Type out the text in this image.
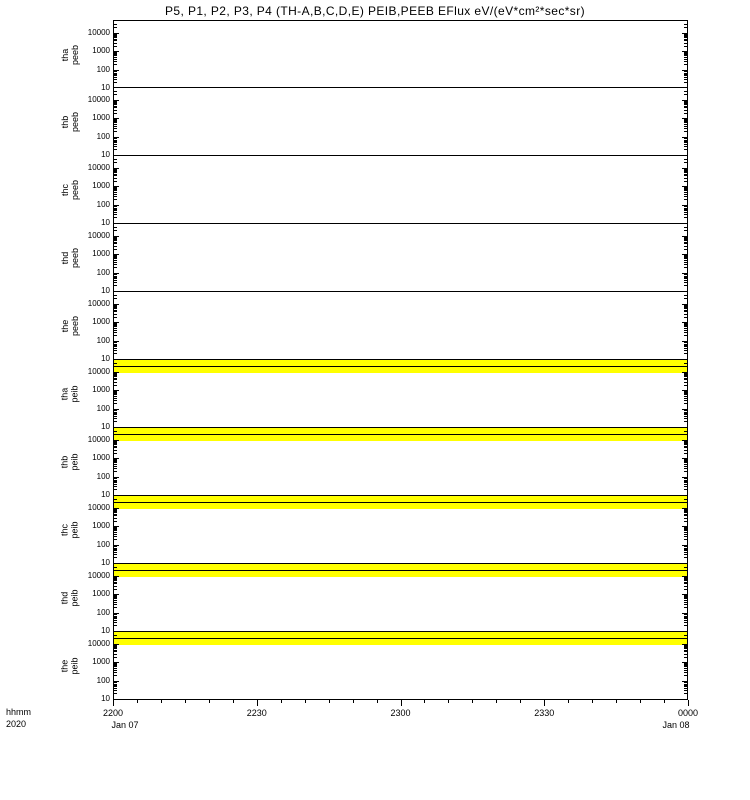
P5, P1, P2, P3, P4 (TH-A,B,C,D,E) PEIB,PEEB EFlux eV/(eV*cm²*sec*sr)
10000
1000
100
10
tha peeb
10000
1000
100
10
thb peeb
10000
1000
100
10
thc peeb
10000
1000
100
10
thd peeb
10000
1000
100
10
the peeb
10000
1000
100
10
tha peib
10000
1000
100
10
thb peib
10000
1000
100
10
thc peib
10000
1000
100
10
thd peib
10000
1000
100
10
the peib
2200
Jan 07
2230	2300	2330	0000
Jan 08
hhmm
2020
